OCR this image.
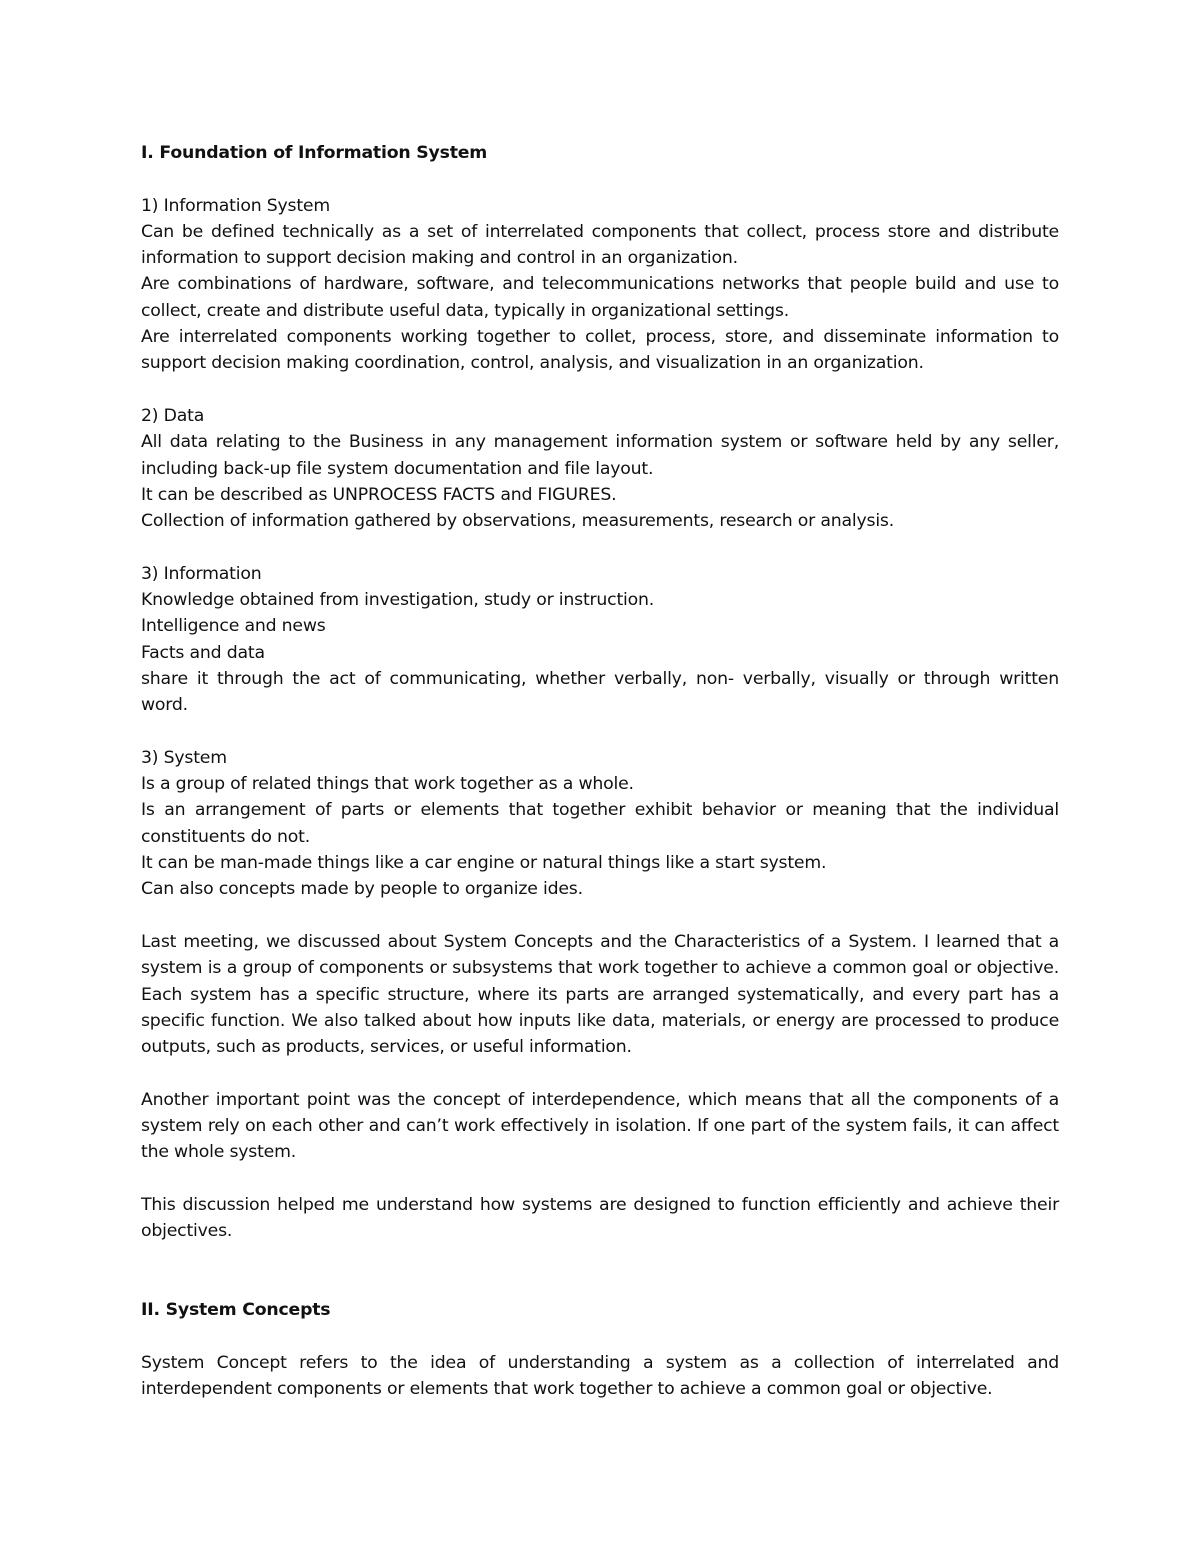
I. Foundation of Information System

1) Information System

Can be defined technically as a set of interrelated components that collect, process store and distribute information to support decision making and control in an organization.

Are combinations of hardware, software, and telecommunications networks that people build and use to collect, create and distribute useful data, typically in organizational settings.

Are interrelated components working together to collet, process, store, and disseminate information to support decision making coordination, control, analysis, and visualization in an organization.

2) Data

All data relating to the Business in any management information system or software held by any seller, including back-up file system documentation and file layout.

It can be described as UNPROCESS FACTS and FIGURES.

Collection of information gathered by observations, measurements, research or analysis.

3) Information

Knowledge obtained from investigation, study or instruction.

Intelligence and news

Facts and data

share it through the act of communicating, whether verbally, non- verbally, visually or through written word.

3) System

Is a group of related things that work together as a whole.

Is an arrangement of parts or elements that together exhibit behavior or meaning that the individual constituents do not.

It can be man-made things like a car engine or natural things like a start system.

Can also concepts made by people to organize ides.

Last meeting, we discussed about System Concepts and the Characteristics of a System. I learned that a system is a group of components or subsystems that work together to achieve a common goal or objective. Each system has a specific structure, where its parts are arranged systematically, and every part has a specific function. We also talked about how inputs like data, materials, or energy are processed to produce outputs, such as products, services, or useful information.

Another important point was the concept of interdependence, which means that all the components of a system rely on each other and can’t work effectively in isolation. If one part of the system fails, it can affect the whole system.

This discussion helped me understand how systems are designed to function efficiently and achieve their objectives.

II. System Concepts

System Concept refers to the idea of understanding a system as a collection of interrelated and interdependent components or elements that work together to achieve a common goal or objective.
